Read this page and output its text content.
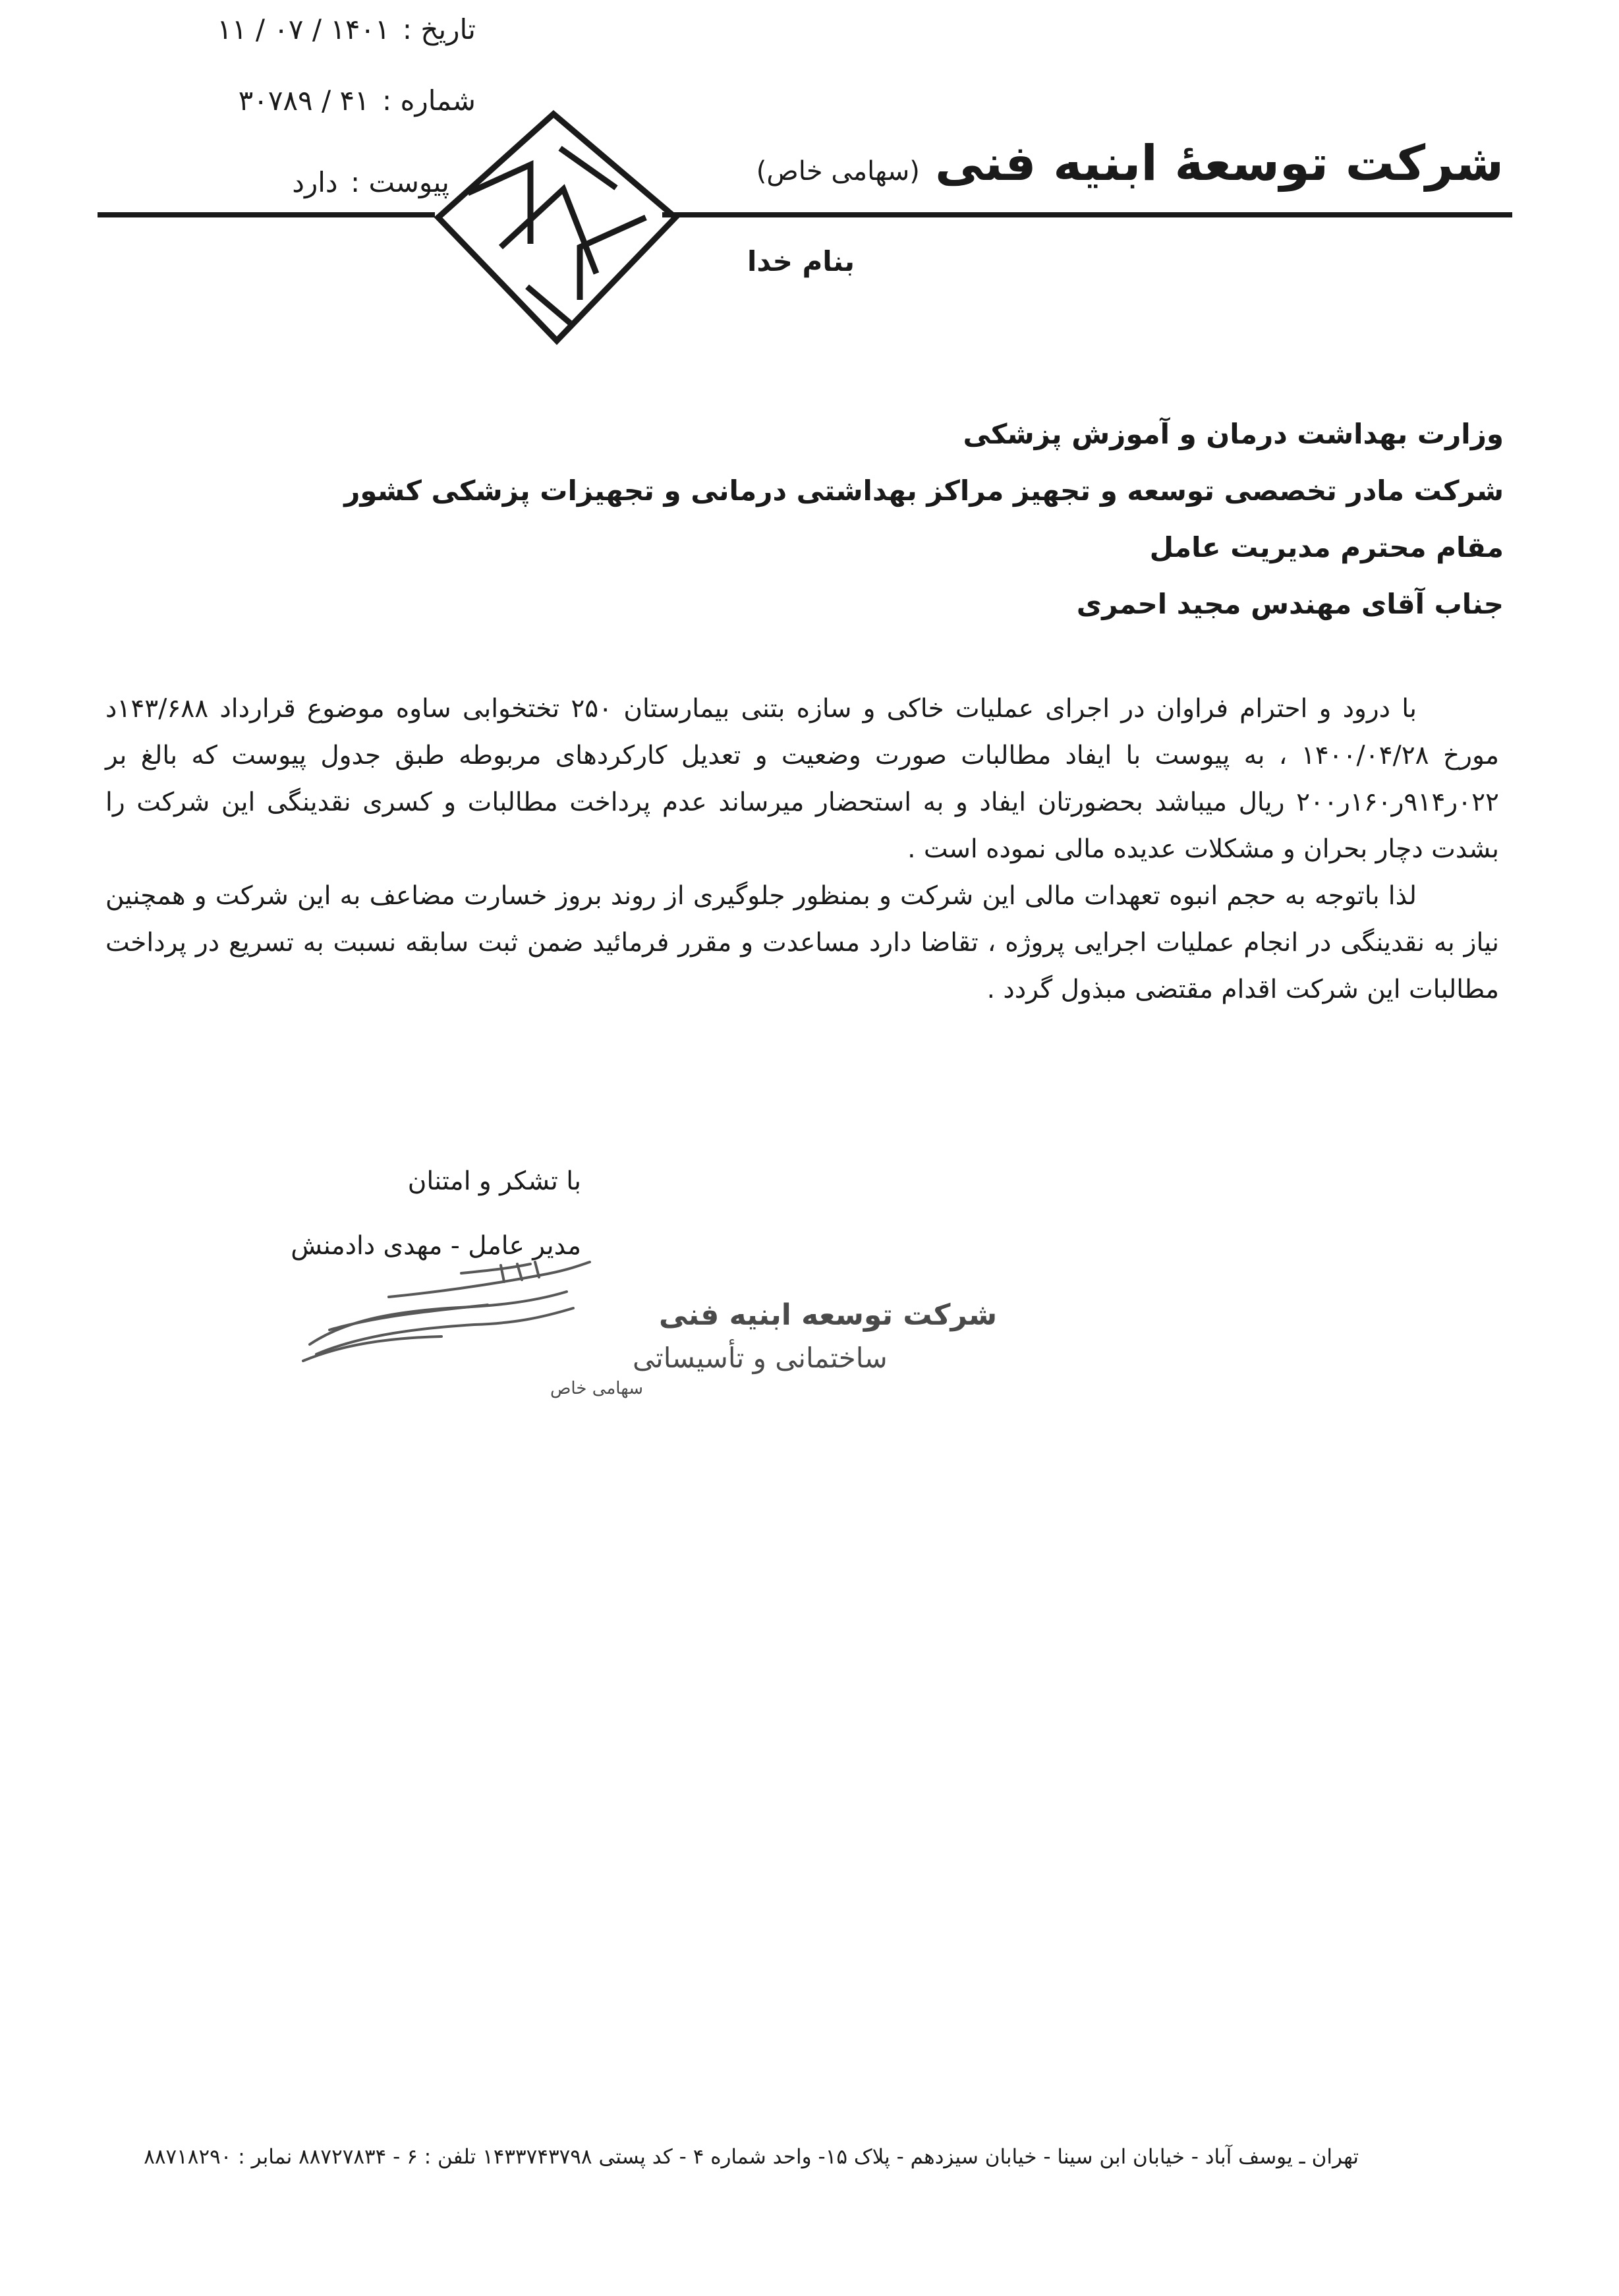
تاریخ : ۱۴۰۱ / ۰۷ / ۱۱
شماره : ۴۱ / ۳۰۷۸۹
پیوست : دارد	شرکت توسعهٔ ابنیه فنی (سهامی خاص)
بنام خدا
وزارت بهداشت درمان و آموزش پزشکی
شرکت مادر تخصصی توسعه و تجهیز مراکز بهداشتی درمانی و تجهیزات پزشکی کشور
مقام محترم مدیریت عامل
جناب آقای مهندس مجید احمری

با درود و احترام فراوان در اجرای عملیات خاکی و سازه بتنی بیمارستان ۲۵۰ تختخوابی ساوه موضوع قرارداد ۱۴۳/۶۸۸د مورخ ۱۴۰۰/۰۴/۲۸ ، به پیوست با ایفاد مطالبات صورت وضعیت و تعدیل کارکردهای مربوطه طبق جدول پیوست که بالغ بر ۰۲۲ر۹۱۴ر۱۶۰ر۲۰۰ ریال میباشد بحضورتان ایفاد و به استحضار میرساند عدم پرداخت مطالبات و کسری نقدینگی این شرکت را بشدت دچار بحران و مشکلات عدیده مالی نموده است .

لذا باتوجه به حجم انبوه تعهدات مالی این شرکت و بمنظور جلوگیری از روند بروز خسارت مضاعف به این شرکت و همچنین نیاز به نقدینگی در انجام عملیات اجرایی پروژه ، تقاضا دارد مساعدت و مقرر فرمائید ضمن ثبت سابقه نسبت به تسریع در پرداخت مطالبات این شرکت اقدام مقتضی مبذول گردد .

با تشکر و امتنان
مدیر عامل - مهدی دادمنش
شرکت توسعه ابنیه فنی
ساختمانی و تأسیساتی
سهامی خاص
تهران ـ یوسف آباد - خیابان ابن سینا - خیابان سیزدهم - پلاک ۱۵- واحد شماره ۴ - کد پستی ۱۴۳۳۷۴۳۷۹۸ تلفن : ۶ - ۸۸۷۲۷۸۳۴ نمابر : ۸۸۷۱۸۲۹۰
